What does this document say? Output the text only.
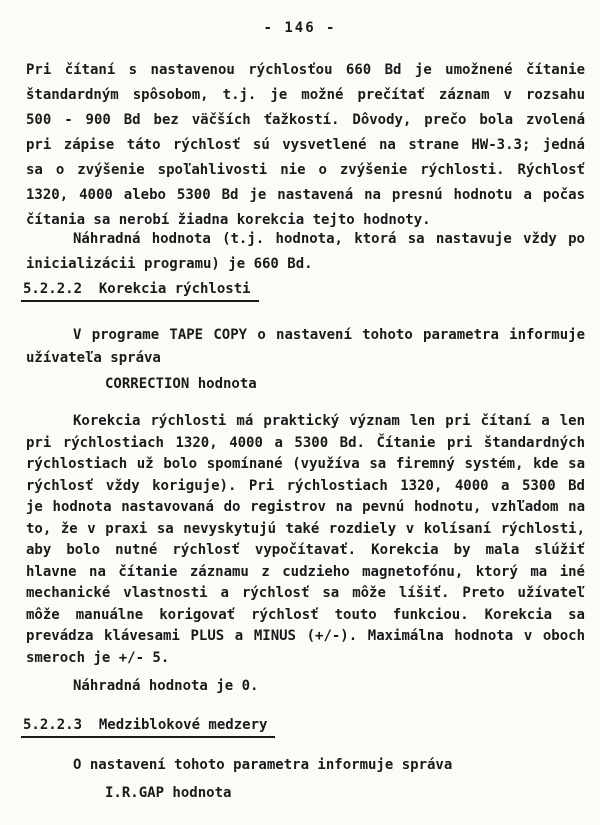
- 146 -
Pri čítaní s nastavenou rýchlosťou 660 Bd je umožnené čítanie
štandardným spôsobom, t.j. je možné prečítať záznam v rozsahu
500 - 900 Bd bez väčších ťažkostí. Dôvody, prečo bola zvolená
pri zápise táto rýchlosť sú vysvetlené na strane HW-3.3; jedná
sa o zvýšenie spoľahlivosti nie o zvýšenie rýchlosti. Rýchlosť
1320, 4000 alebo 5300 Bd je nastavená na presnú hodnotu a počas
čítania sa nerobí žiadna korekcia tejto hodnoty.
Náhradná hodnota (t.j. hodnota, ktorá sa nastavuje vždy po
inicializácii programu) je 660 Bd.
5.2.2.2  Korekcia rýchlosti
V programe TAPE COPY o nastavení tohoto parametra informuje
užívateľa správa
CORRECTION hodnota
Korekcia rýchlosti má praktický význam len pri čítaní a len
pri rýchlostiach 1320, 4000 a 5300 Bd. Čítanie pri štandardných
rýchlostiach už bolo spomínané (využíva sa firemný systém, kde sa
rýchlosť vždy koriguje). Pri rýchlostiach 1320, 4000 a 5300 Bd
je hodnota nastavovaná do registrov na pevnú hodnotu, vzhľadom na
to, že v praxi sa nevyskytujú také rozdiely v kolísaní rýchlosti,
aby bolo nutné rýchlosť vypočítavať. Korekcia by mala slúžiť
hlavne na čítanie záznamu z cudzieho magnetofónu, ktorý ma iné
mechanické vlastnosti a rýchlosť sa môže líšiť. Preto užívateľ
môže manuálne korigovať rýchlosť touto funkciou. Korekcia sa
prevádza klávesami PLUS a MINUS (+/-). Maximálna hodnota v oboch
smeroch je +/- 5.
Náhradná hodnota je 0.
5.2.2.3  Medziblokové medzery
O nastavení tohoto parametra informuje správa
I.R.GAP hodnota
